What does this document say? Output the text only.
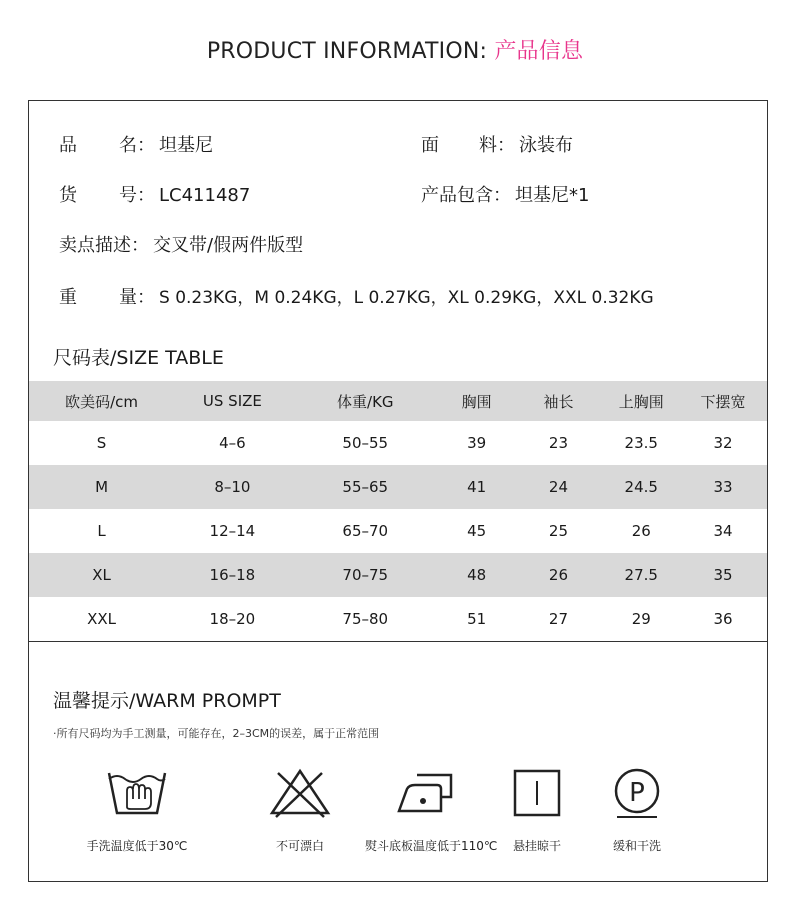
PRODUCT INFORMATION: 产品信息
品 名 ： 坦基尼	面 料 ： 泳装布
货 号 ： LC411487	产品包含： 坦基尼*1
卖点描述： 交叉带/假两件版型
重 量 ： S 0.23KG，M 0.24KG，L 0.27KG，XL 0.29KG，XXL 0.32KG
尺码表/SIZE TABLE
欧美码/cm	US SIZE	体重/KG	胸围	袖长	上胸围	下摆宽
S	4–6	50–55	39	23	23.5	32
M	8–10	55–65	41	24	24.5	33
L	12–14	65–70	45	25	26	34
XL	16–18	70–75	48	26	27.5	35
XXL	18–20	75–80	51	27	29	36
温馨提示/WARM PROMPT
·所有尺码均为手工测量，可能存在，2–3CM的误差，属于正常范围
手洗温度低于30℃	不可漂白	熨斗底板温度低于110℃	悬挂晾干
P
缓和干洗
